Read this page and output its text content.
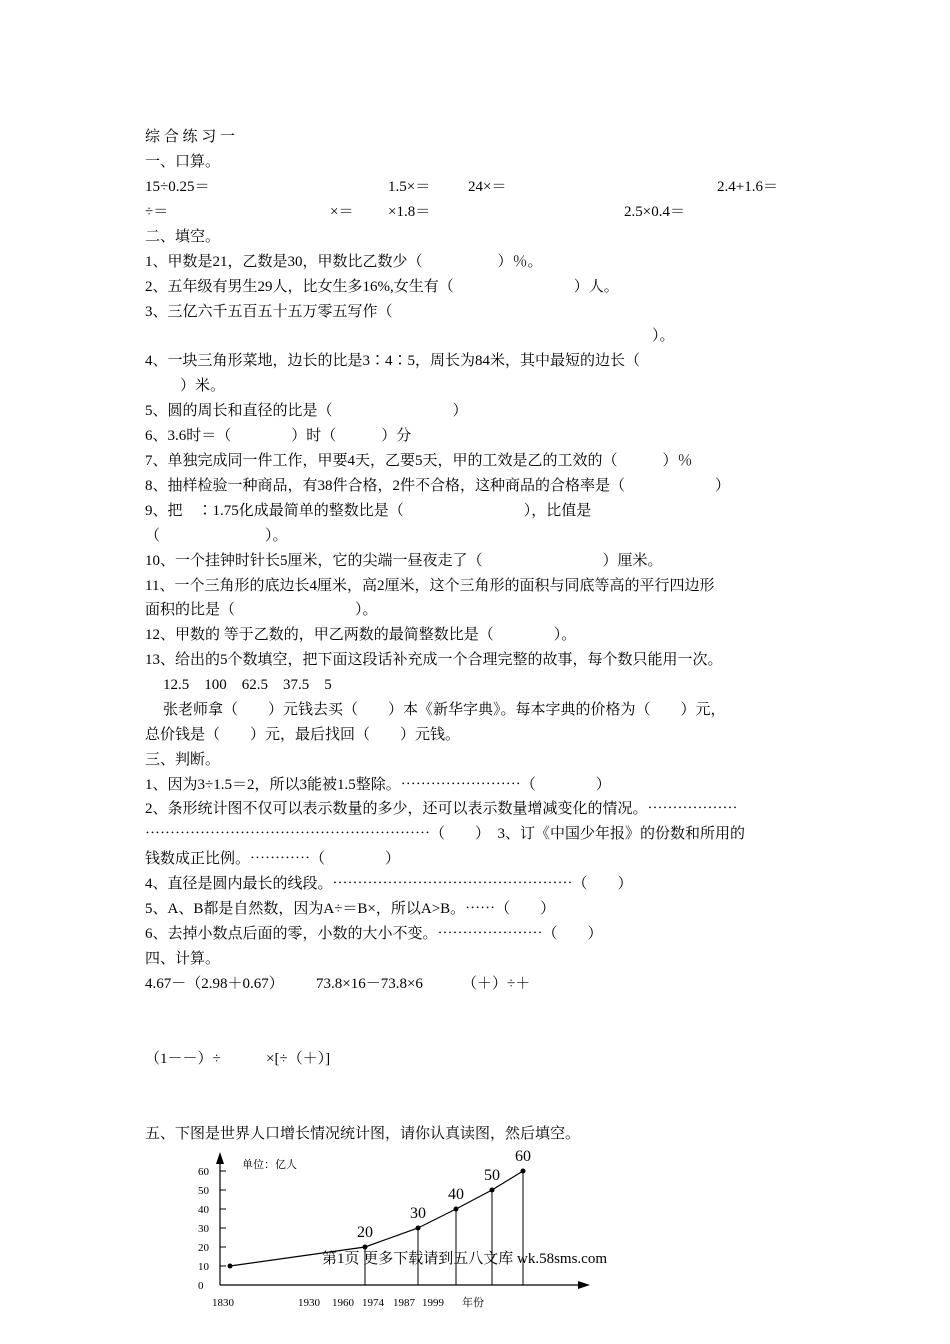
综 合 练 习 一
一、口算。
15÷0.25＝	1.5×＝	24×＝	2.4+1.6＝
÷＝	×＝ ×1.8＝	2.5×0.4＝
二、填空。
1、甲数是21，乙数是30，甲数比乙数少（　　　　　）％。
2、五年级有男生29人，比女生多16%,女生有（　　　　　　　　）人。
3、三亿六千五百五十五万零五写作（
）。
4、一块三角形菜地，边长的比是3∶4∶5，周长为84米，其中最短的边长（
）米。
5、圆的周长和直径的比是（　　　　　　　　）
6、3.6时＝（　　　　）时（　　　）分
7、单独完成同一件工作，甲要4天，乙要5天，甲的工效是乙的工效的（　　　）％
8、抽样检验一种商品，有38件合格，2件不合格，这种商品的合格率是（　　　　　　）
9、把　∶1.75化成最简单的整数比是（　　　　　　　　），比值是
（　　　　　　　）。
10、一个挂钟时针长5厘米，它的尖端一昼夜走了（　　　　　　　　）厘米。
11、一个三角形的底边长4厘米，高2厘米，这个三角形的面积与同底等高的平行四边形
面积的比是（　　　　　　　　）。
12、甲数的 等于乙数的，甲乙两数的最简整数比是（　　　　）。
13、给出的5个数填空，把下面这段话补充成一个合理完整的故事，每个数只能用一次。
12.5　100　62.5　37.5　5
张老师拿（　　）元钱去买（　　）本《新华字典》。每本字典的价格为（　　）元，
总价钱是（　　）元，最后找回（　　）元钱。
三、判断。
1、因为3÷1.5＝2，所以3能被1.5整除。⋯⋯⋯⋯⋯⋯⋯⋯（　　　　）
2、条形统计图不仅可以表示数量的多少，还可以表示数量增减变化的情况。⋯⋯⋯⋯⋯⋯
⋯⋯⋯⋯⋯⋯⋯⋯⋯⋯⋯⋯⋯⋯⋯⋯⋯⋯⋯（　　）　3、订《中国少年报》的份数和所用的
钱数成正比例。⋯⋯⋯⋯（　　　　）
4、直径是圆内最长的线段。⋯⋯⋯⋯⋯⋯⋯⋯⋯⋯⋯⋯⋯⋯⋯⋯（　　）
5、A、B都是自然数，因为A÷＝B×，所以A>B。⋯⋯（　　）
6、去掉小数点后面的零，小数的大小不变。⋯⋯⋯⋯⋯⋯⋯（　　）
四、计算。
4.67－（2.98＋0.67） 73.8×16－73.8×6	（＋）÷＋
（1－－）÷	×[÷（＋）]
五、下图是世界人口增长情况统计图，请你认真读图，然后填空。
0
10
20
30
40
50
60
单位：亿人
1830	1930 1960 1974 1987 1999 年份
20
30
40
50
60
第1页 更多下载请到五八文库 wk.58sms.com
